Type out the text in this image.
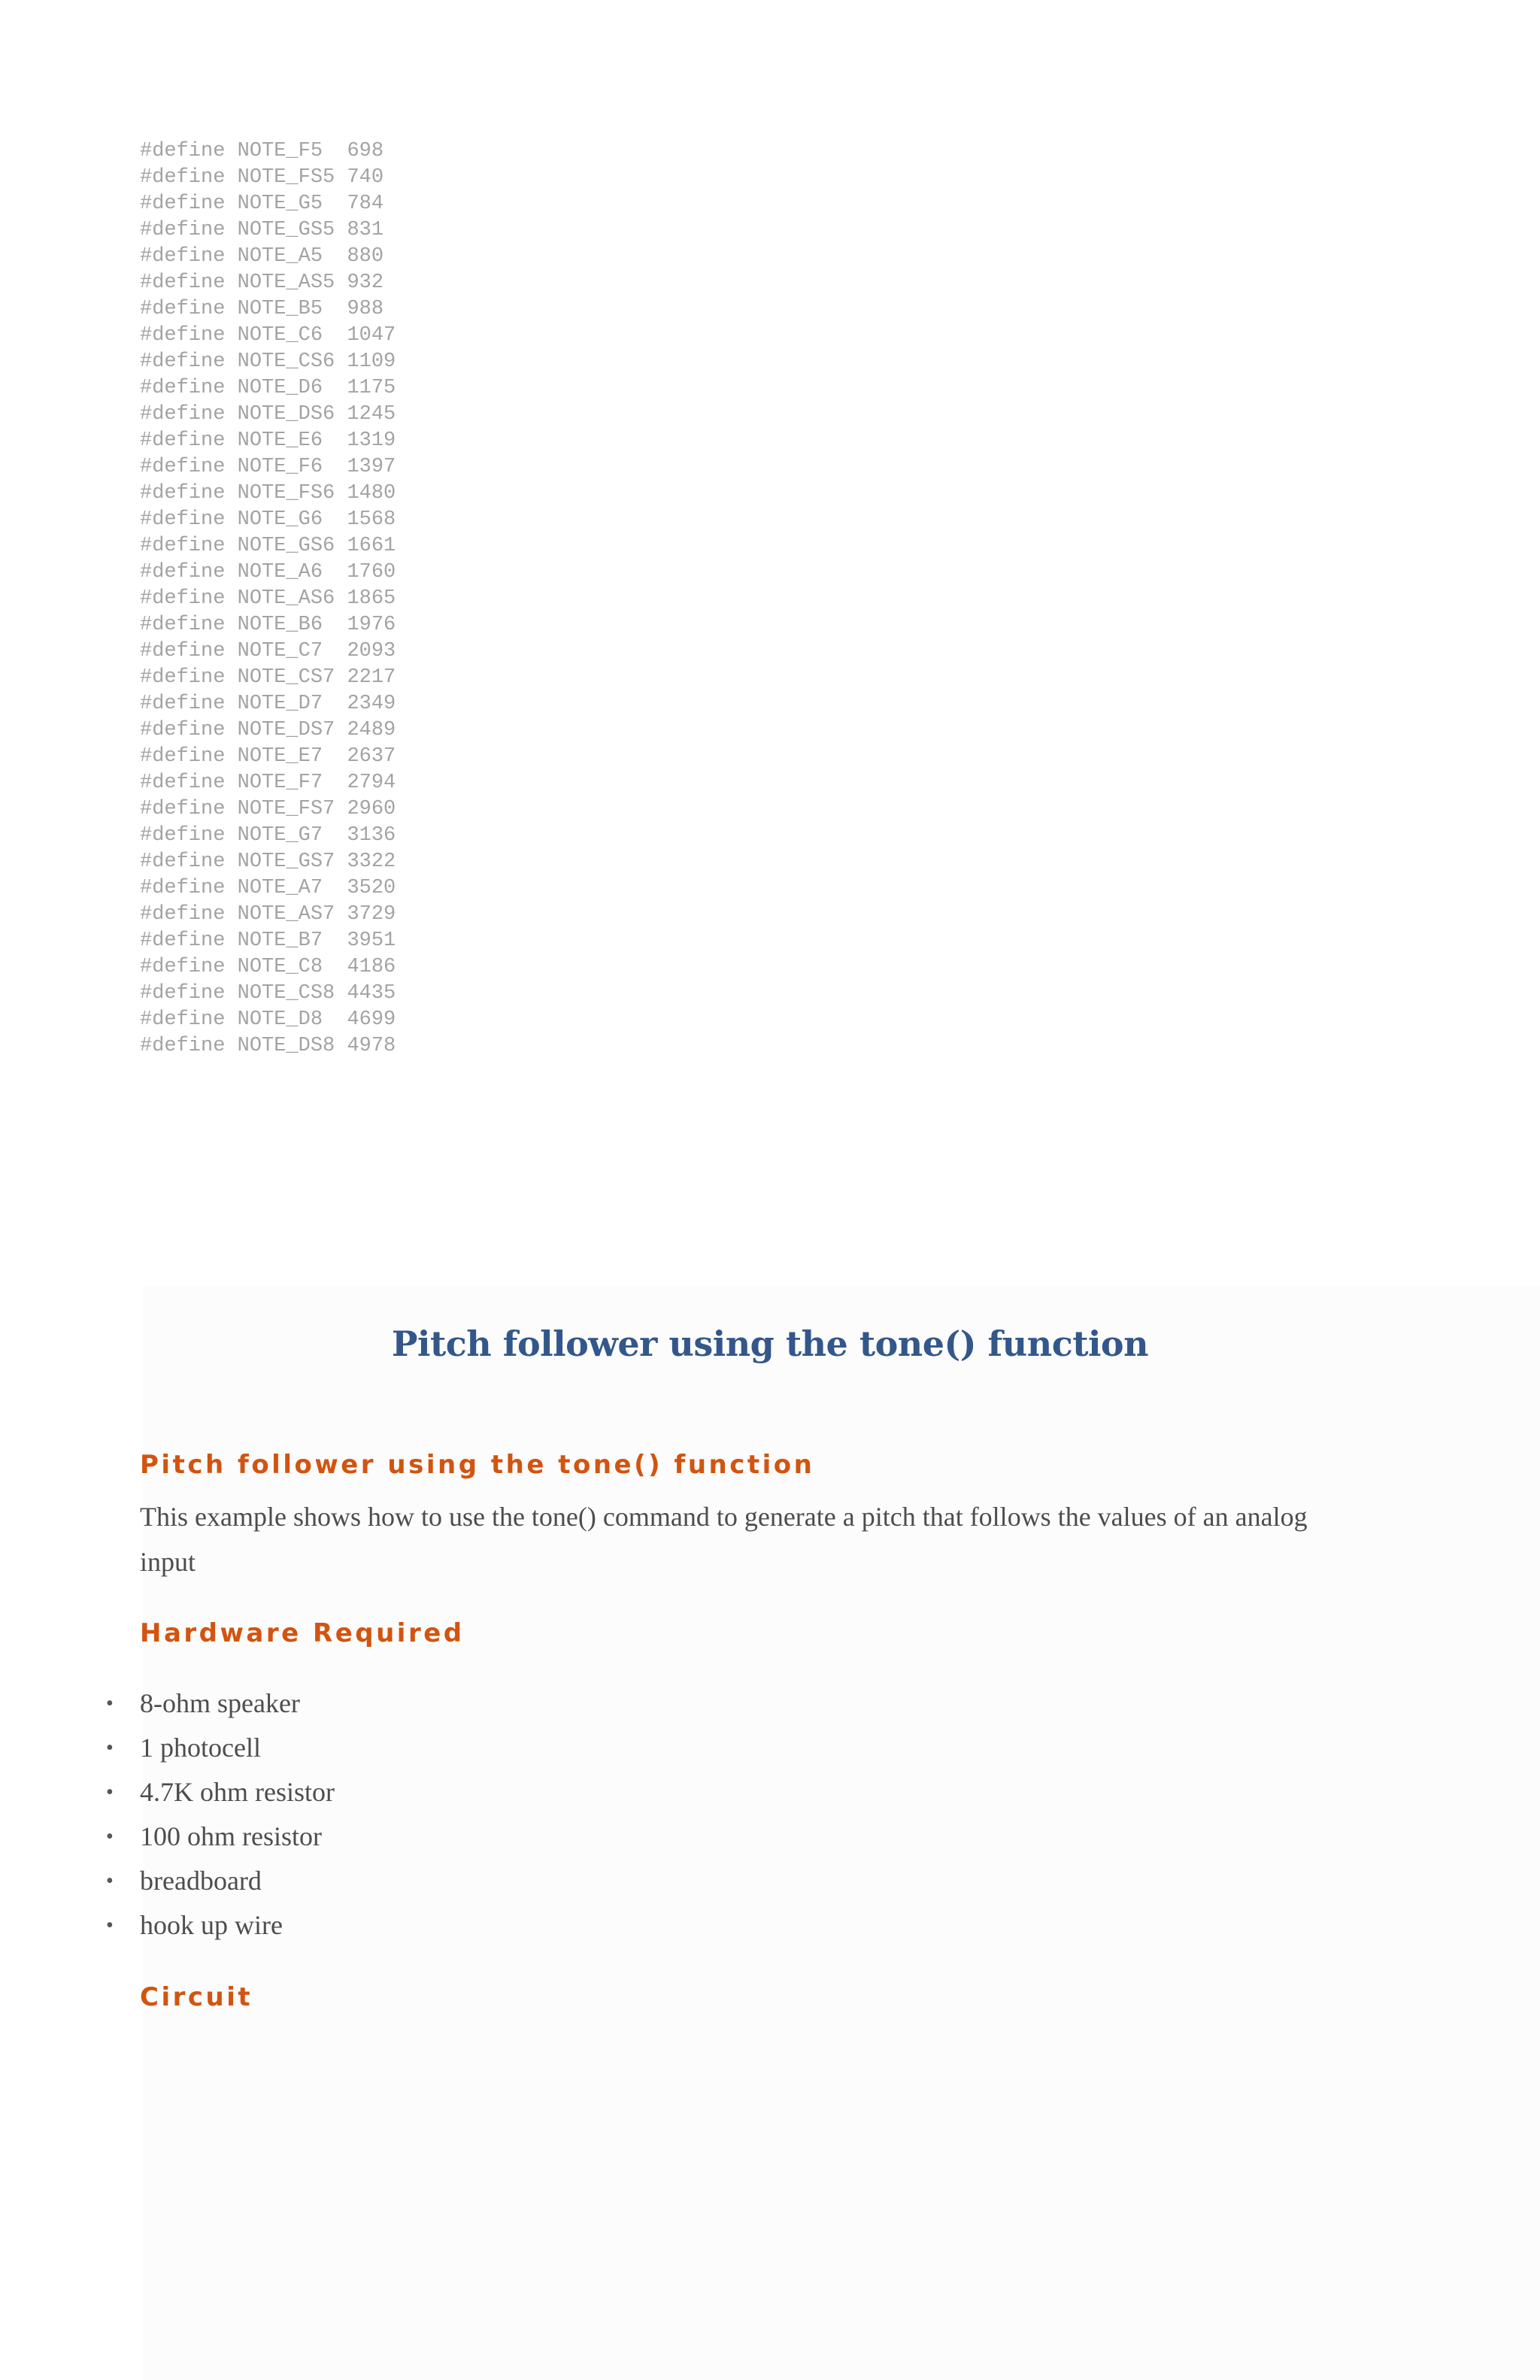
#define NOTE_F5  698
#define NOTE_FS5 740
#define NOTE_G5  784
#define NOTE_GS5 831
#define NOTE_A5  880
#define NOTE_AS5 932
#define NOTE_B5  988
#define NOTE_C6  1047
#define NOTE_CS6 1109
#define NOTE_D6  1175
#define NOTE_DS6 1245
#define NOTE_E6  1319
#define NOTE_F6  1397
#define NOTE_FS6 1480
#define NOTE_G6  1568
#define NOTE_GS6 1661
#define NOTE_A6  1760
#define NOTE_AS6 1865
#define NOTE_B6  1976
#define NOTE_C7  2093
#define NOTE_CS7 2217
#define NOTE_D7  2349
#define NOTE_DS7 2489
#define NOTE_E7  2637
#define NOTE_F7  2794
#define NOTE_FS7 2960
#define NOTE_G7  3136
#define NOTE_GS7 3322
#define NOTE_A7  3520
#define NOTE_AS7 3729
#define NOTE_B7  3951
#define NOTE_C8  4186
#define NOTE_CS8 4435
#define NOTE_D8  4699
#define NOTE_DS8 4978
Pitch follower using the tone() function
Pitch follower using the tone() function

This example shows how to use the tone() command to generate a pitch that follows the values of an analog input

Hardware Required
• 8-ohm speaker
• 1 photocell
• 4.7K ohm resistor
• 100 ohm resistor
• breadboard
• hook up wire
Circuit
